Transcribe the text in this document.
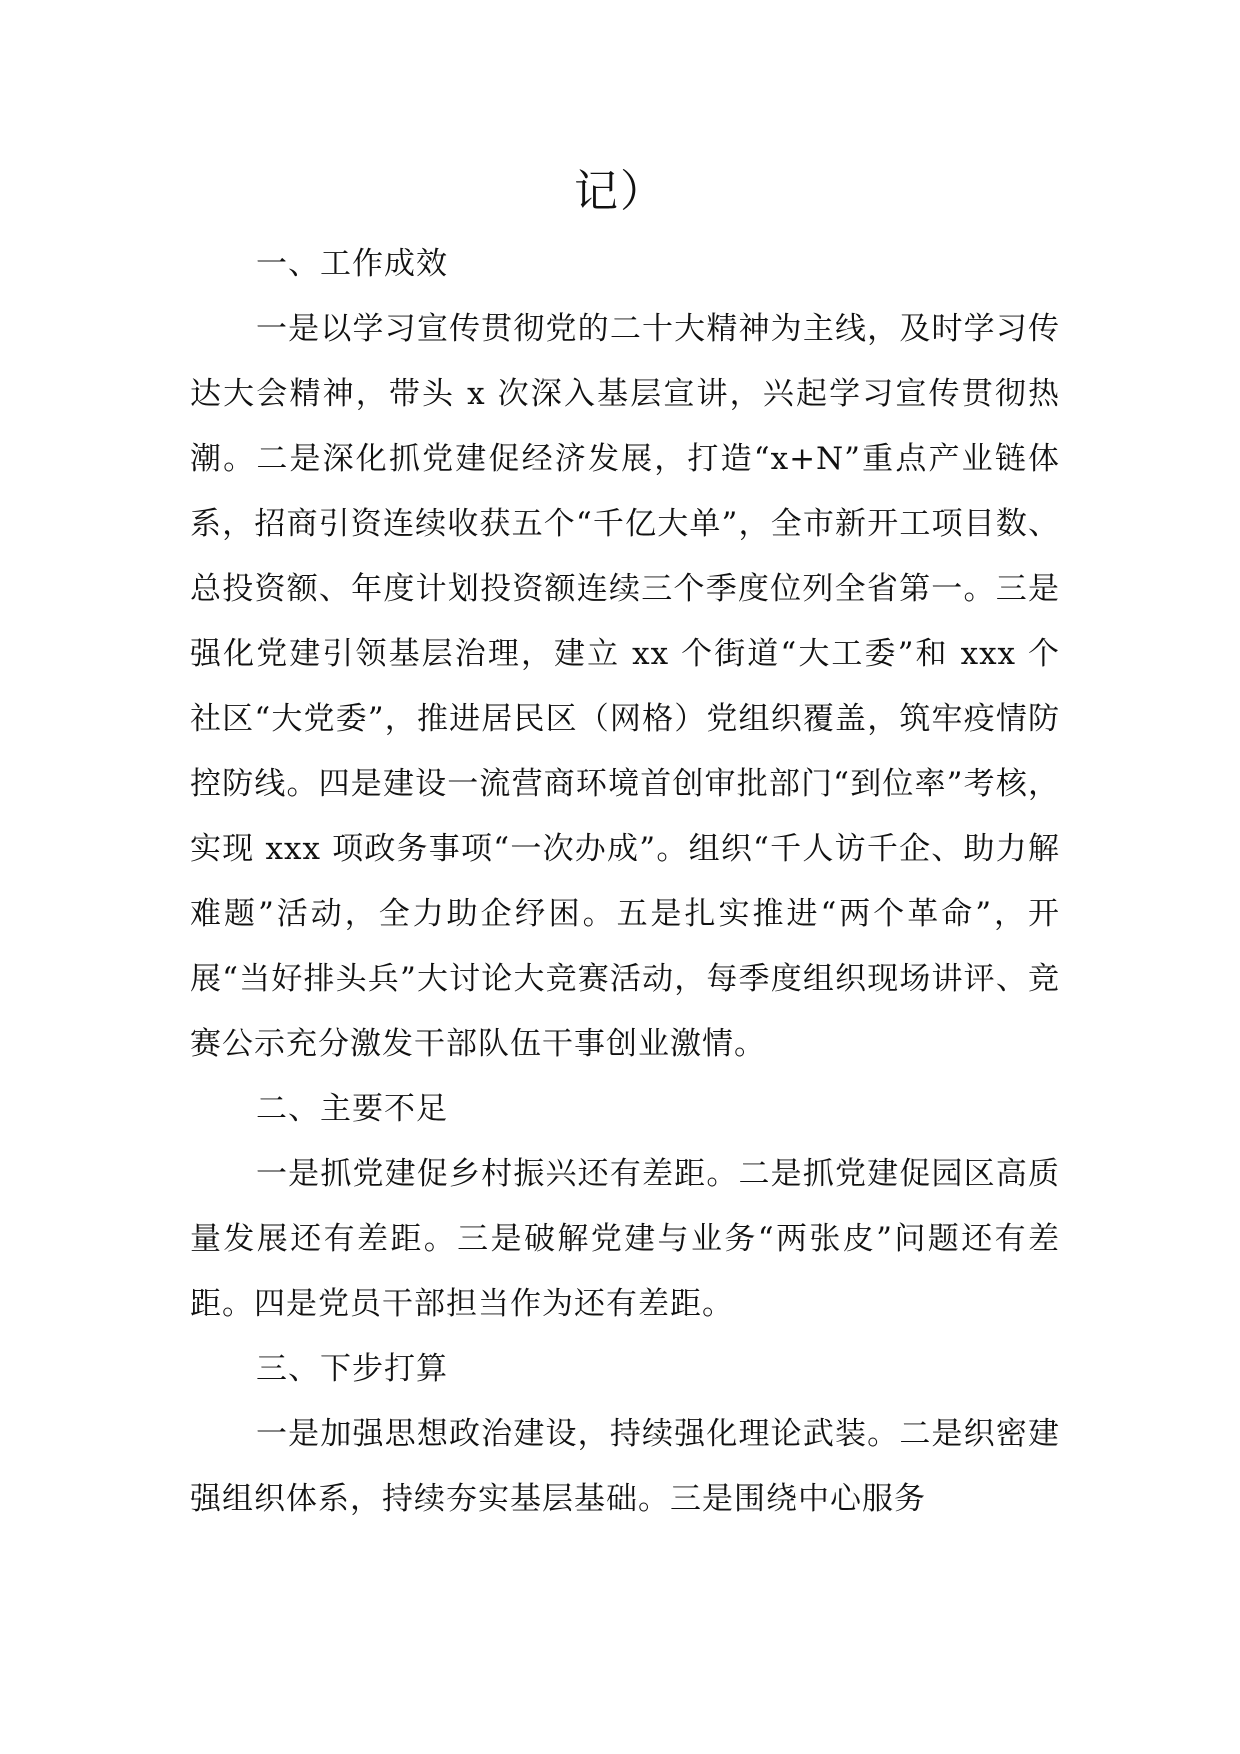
记）

一、工作成效

一是以学习宣传贯彻党的二十大精神为主线，及时学习传达大会精神，带头 x 次深入基层宣讲，兴起学习宣传贯彻热潮。二是深化抓党建促经济发展，打造“x+N”重点产业链体系，招商引资连续收获五个“千亿大单”，全市新开工项目数、总投资额、年度计划投资额连续三个季度位列全省第一。三是强化党建引领基层治理，建立 xx 个街道“大工委”和 xxx 个社区“大党委”，推进居民区（网格）党组织覆盖，筑牢疫情防控防线。四是建设一流营商环境首创审批部门“到位率”考核，实现 xxx 项政务事项“一次办成”。组织“千人访千企、助力解难题”活动，全力助企纾困。五是扎实推进“两个革命”，开展“当好排头兵”大讨论大竞赛活动，每季度组织现场讲评、竞赛公示充分激发干部队伍干事创业激情。

二、主要不足

一是抓党建促乡村振兴还有差距。二是抓党建促园区高质量发展还有差距。三是破解党建与业务“两张皮”问题还有差距。四是党员干部担当作为还有差距。

三、下步打算

一是加强思想政治建设，持续强化理论武装。二是织密建强组织体系，持续夯实基层基础。三是围绕中心服务
